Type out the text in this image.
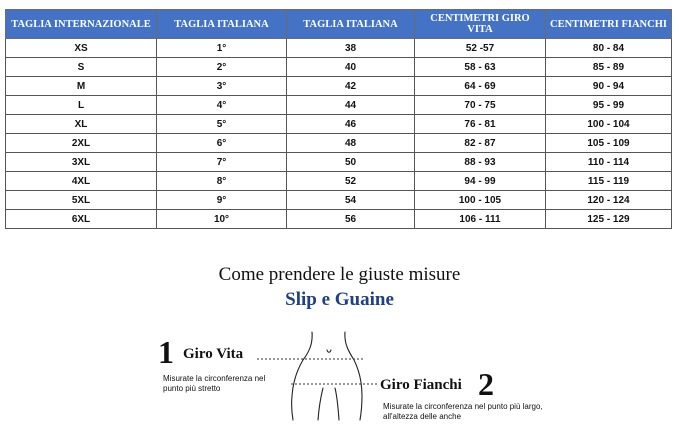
TAGLIA INTERNAZIONALE	TAGLIA ITALIANA	TAGLIA ITALIANA	CENTIMETRI GIRO VITA	CENTIMETRI FIANCHI
XS	1°	38	52 -57	80 - 84
S	2°	40	58 - 63	85 - 89
M	3°	42	64 - 69	90 - 94
L	4°	44	70 - 75	95 - 99
XL	5°	46	76 - 81	100 - 104
2XL	6°	48	82 - 87	105 - 109
3XL	7°	50	88 - 93	110 - 114
4XL	8°	52	94 - 99	115 - 119
5XL	9°	54	100 - 105	120 - 124
6XL	10°	56	106 - 111	125 - 129
Come prendere le giuste misure
Slip e Guaine
1 Giro Vita
Misurate la circonferenza nel
punto più stretto	Giro Fianchi 2
Misurate la circonferenza nel punto più largo,
all'altezza delle anche
